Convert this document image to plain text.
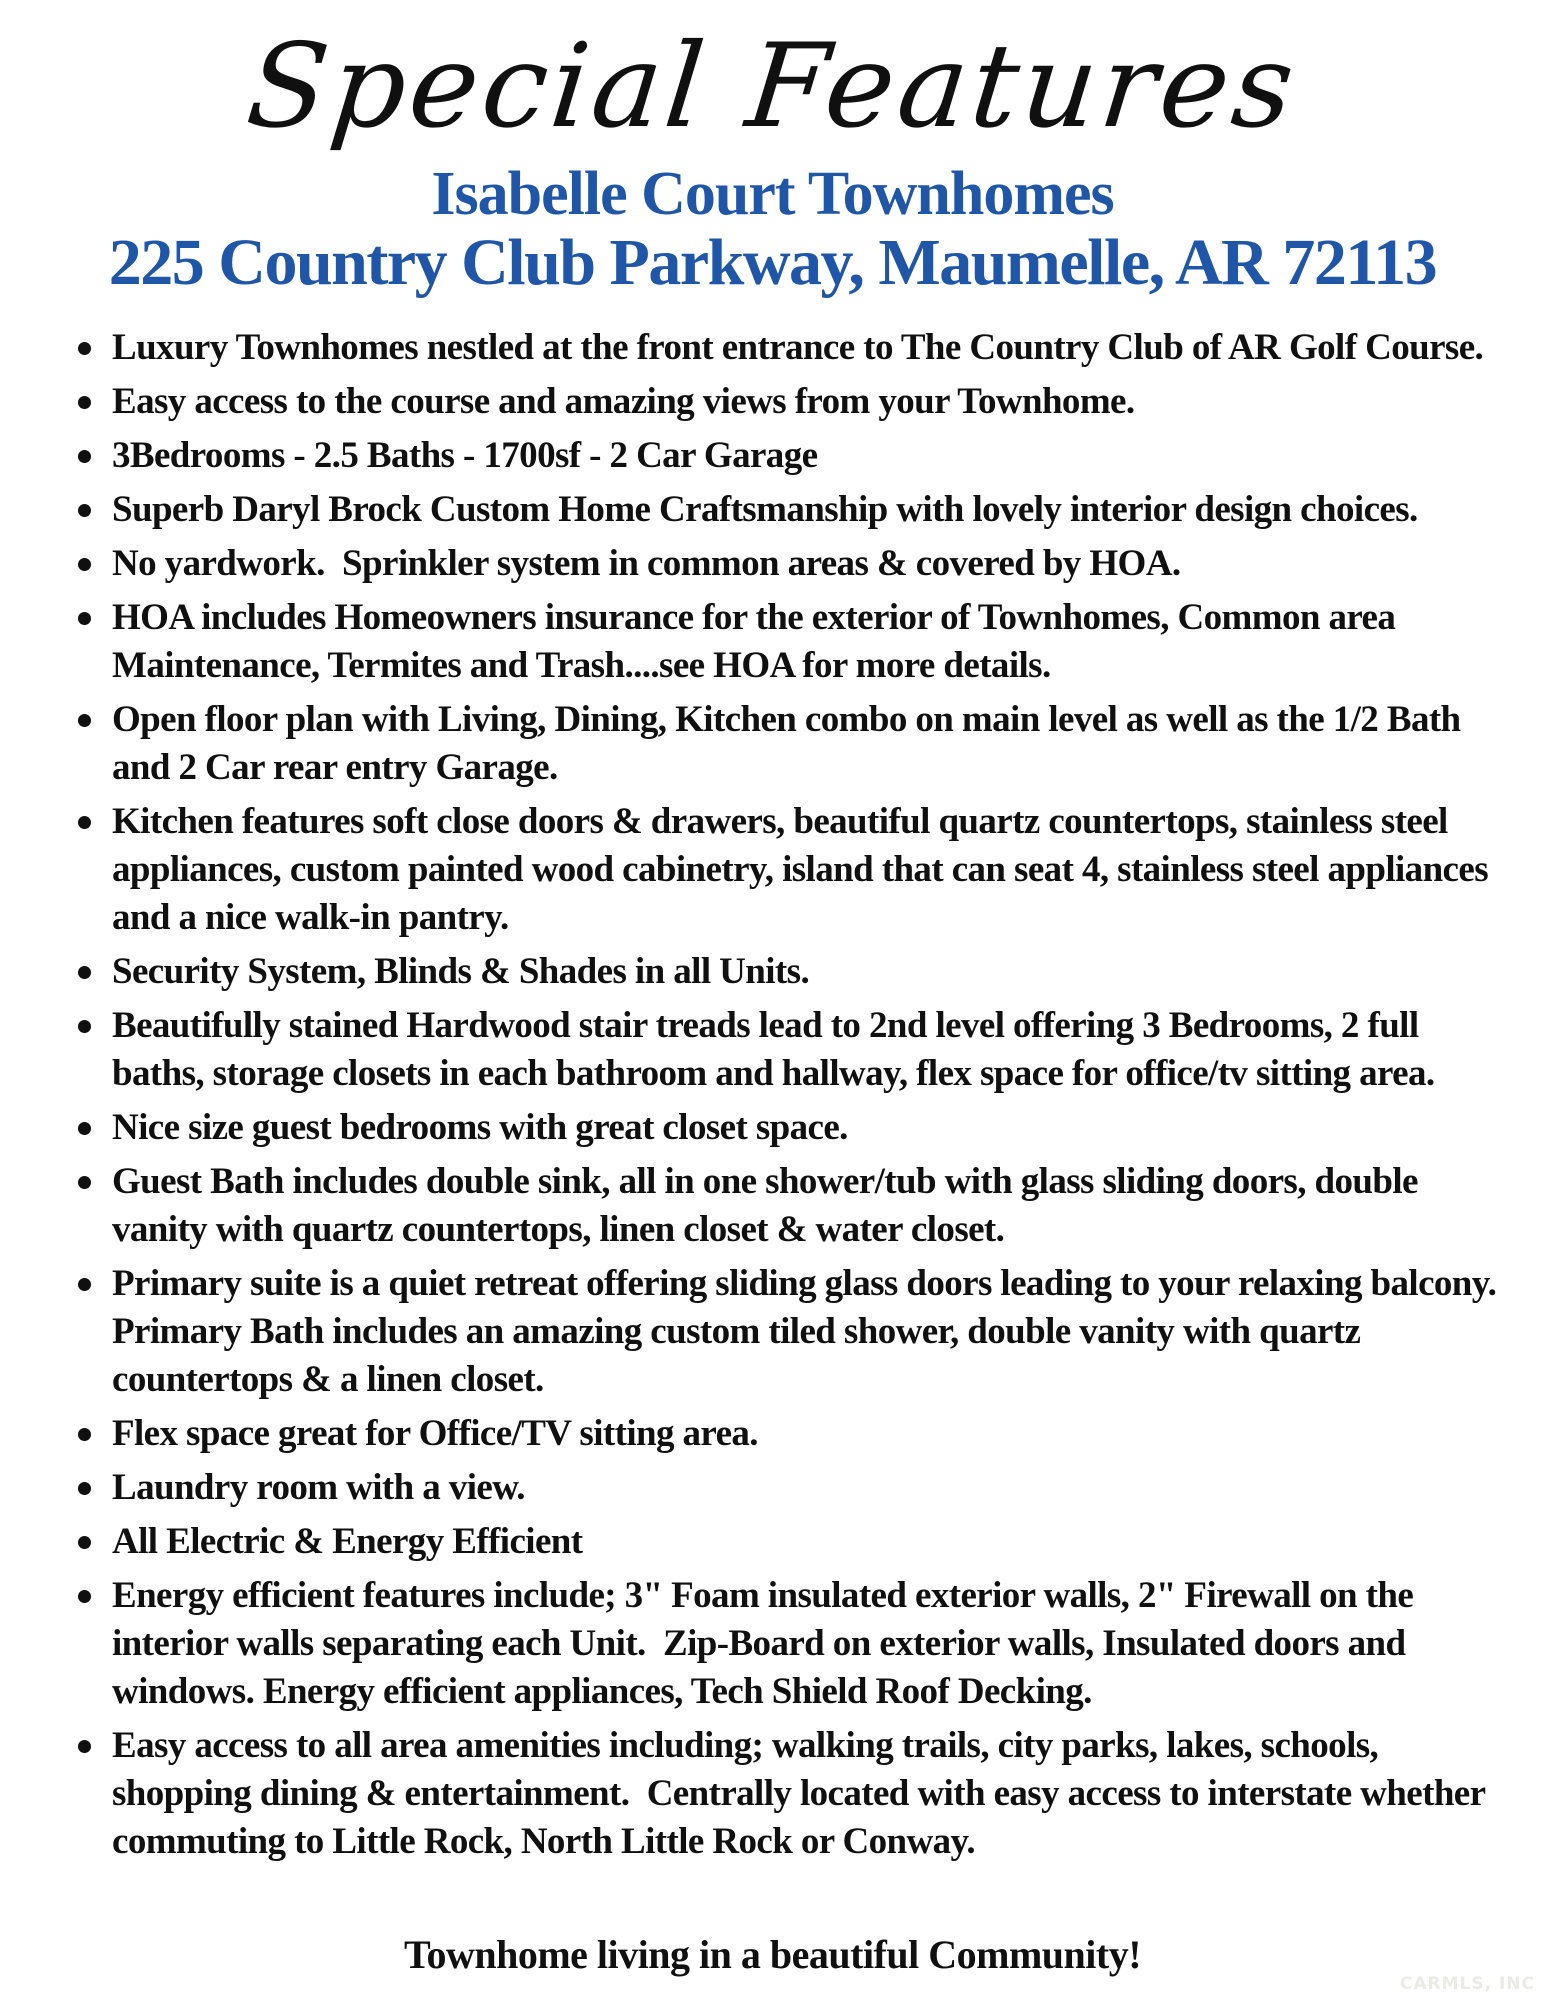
Special Features
Isabelle Court Townhomes
225 Country Club Parkway, Maumelle, AR 72113
Luxury Townhomes nestled at the front entrance to The Country Club of AR Golf Course.
Easy access to the course and amazing views from your Townhome.
3Bedrooms - 2.5 Baths - 1700sf - 2 Car Garage
Superb Daryl Brock Custom Home Craftsmanship with lovely interior design choices.
No yardwork.  Sprinkler system in common areas & covered by HOA.
HOA includes Homeowners insurance for the exterior of Townhomes, Common area Maintenance, Termites and Trash....see HOA for more details.
Open floor plan with Living, Dining, Kitchen combo on main level as well as the 1/2 Bath and 2 Car rear entry Garage.
Kitchen features soft close doors & drawers, beautiful quartz countertops, stainless steel appliances, custom painted wood cabinetry, island that can seat 4, stainless steel appliances and a nice walk-in pantry.
Security System, Blinds & Shades in all Units.
Beautifully stained Hardwood stair treads lead to 2nd level offering 3 Bedrooms, 2 full baths, storage closets in each bathroom and hallway, flex space for office/tv sitting area.
Nice size guest bedrooms with great closet space.
Guest Bath includes double sink, all in one shower/tub with glass sliding doors, double vanity with quartz countertops, linen closet & water closet.
Primary suite is a quiet retreat offering sliding glass doors leading to your relaxing balcony. Primary Bath includes an amazing custom tiled shower, double vanity with quartz countertops & a linen closet.
Flex space great for Office/TV sitting area.
Laundry room with a view.
All Electric & Energy Efficient
Energy efficient features include; 3" Foam insulated exterior walls, 2" Firewall on the interior walls separating each Unit.  Zip-Board on exterior walls, Insulated doors and windows. Energy efficient appliances, Tech Shield Roof Decking.
Easy access to all area amenities including; walking trails, city parks, lakes, schools, shopping dining & entertainment.  Centrally located with easy access to interstate whether commuting to Little Rock, North Little Rock or Conway.
Townhome living in a beautiful Community!
CARMLS, INC
